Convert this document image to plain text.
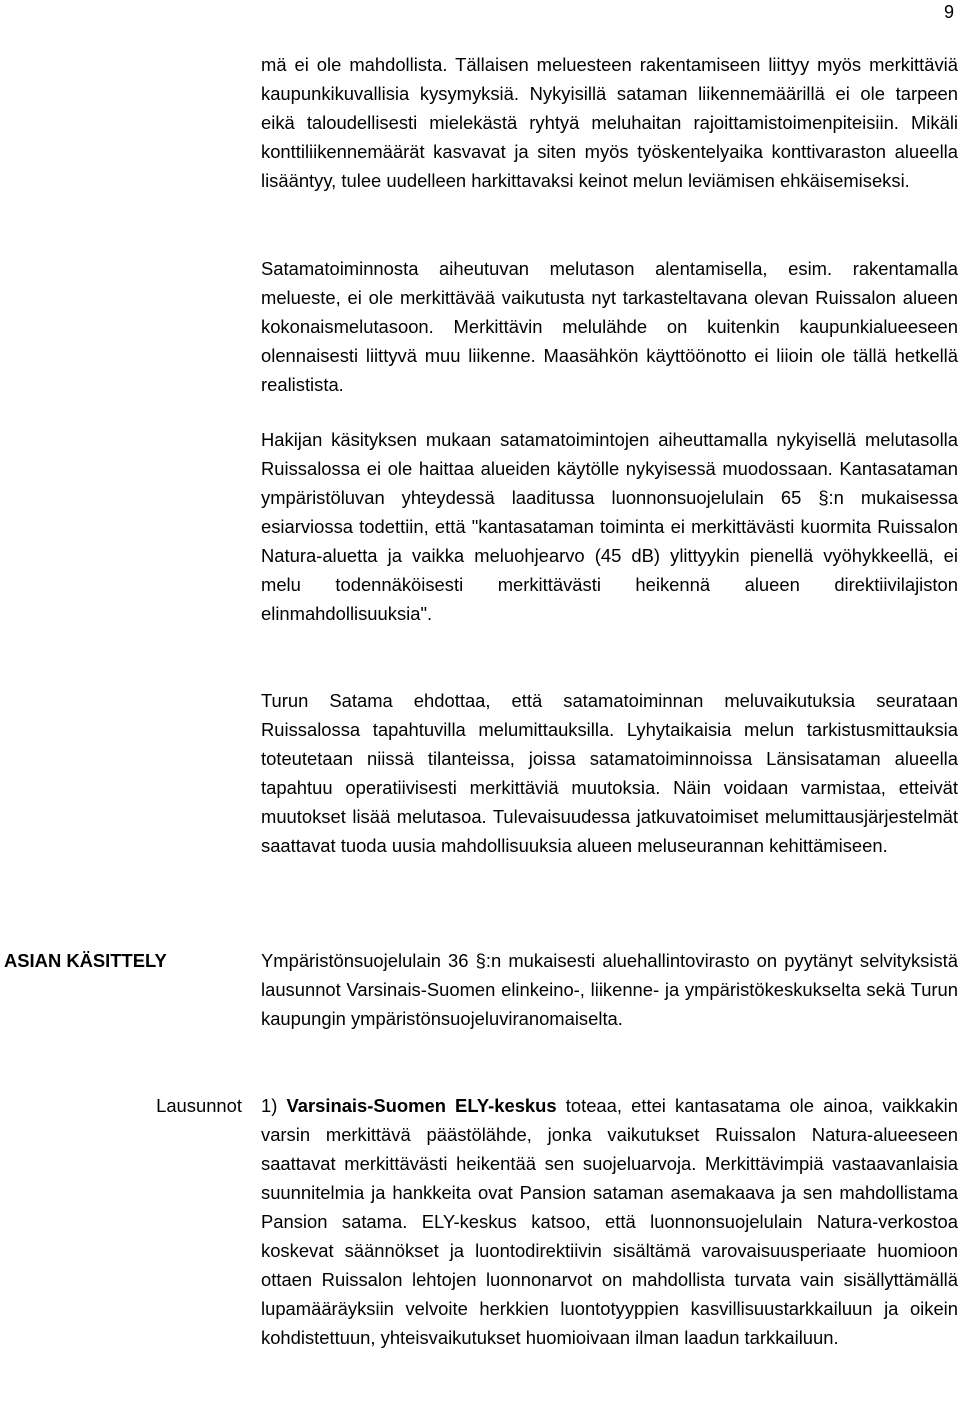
9

mä ei ole mahdollista. Tällaisen meluesteen rakentamiseen liittyy myös merkittäviä kaupunkikuvallisia kysymyksiä. Nykyisillä sataman liikennemäärillä ei ole tarpeen eikä taloudellisesti mielekästä ryhtyä meluhaitan rajoittamistoimenpiteisiin. Mikäli konttiliikennemäärät kasvavat ja siten myös työskentelyaika konttivaraston alueella lisääntyy, tulee uudelleen harkittavaksi keinot melun leviämisen ehkäisemiseksi.

Satamatoiminnosta aiheutuvan melutason alentamisella, esim. rakentamalla melueste, ei ole merkittävää vaikutusta nyt tarkasteltavana olevan Ruissalon alueen kokonaismelutasoon. Merkittävin melulähde on kuitenkin kaupunkialueeseen olennaisesti liittyvä muu liikenne. Maasähkön käyttöönotto ei liioin ole tällä hetkellä realistista.

Hakijan käsityksen mukaan satamatoimintojen aiheuttamalla nykyisellä melutasolla Ruissalossa ei ole haittaa alueiden käytölle nykyisessä muodossaan. Kantasataman ympäristöluvan yhteydessä laaditussa luonnonsuojelulain 65 §:n mukaisessa esiarviossa todettiin, että "kantasataman toiminta ei merkittävästi kuormita Ruissalon Natura-aluetta ja vaikka meluohjearvo (45 dB) ylittyykin pienellä vyöhykkeellä, ei melu todennäköisesti merkittävästi heikennä alueen direktiivilajiston elinmahdollisuuksia".

Turun Satama ehdottaa, että satamatoiminnan meluvaikutuksia seurataan Ruissalossa tapahtuvilla melumittauksilla. Lyhytaikaisia melun tarkistusmittauksia toteutetaan niissä tilanteissa, joissa satamatoiminnoissa Länsisataman alueella tapahtuu operatiivisesti merkittäviä muutoksia. Näin voidaan varmistaa, etteivät muutokset lisää melutasoa. Tulevaisuudessa jatkuvatoimiset melumittausjärjestelmät saattavat tuoda uusia mahdollisuuksia alueen meluseurannan kehittämiseen.

ASIAN KÄSITTELY	Ympäristönsuojelulain 36 §:n mukaisesti aluehallintovirasto on pyytänyt selvityksistä lausunnot Varsinais-Suomen elinkeino-, liikenne- ja ympäristökeskukselta sekä Turun kaupungin ympäristönsuojeluviranomaiselta.

Lausunnot 1) Varsinais-Suomen ELY-keskus toteaa, ettei kantasatama ole ainoa, vaikkakin varsin merkittävä päästölähde, jonka vaikutukset Ruissalon Natura-alueeseen saattavat merkittävästi heikentää sen suojeluarvoja. Merkittävimpiä vastaavanlaisia suunnitelmia ja hankkeita ovat Pansion sataman asemakaava ja sen mahdollistama Pansion satama. ELY-keskus katsoo, että luonnonsuojelulain Natura-verkostoa koskevat säännökset ja luontodirektiivin sisältämä varovaisuusperiaate huomioon ottaen Ruissalon lehtojen luonnonarvot on mahdollista turvata vain sisällyttämällä lupamääräyksiin velvoite herkkien luontotyyppien kasvillisuustarkkailuun ja oikein kohdistettuun, yhteisvaikutukset huomioivaan ilman laadun tarkkailuun.
